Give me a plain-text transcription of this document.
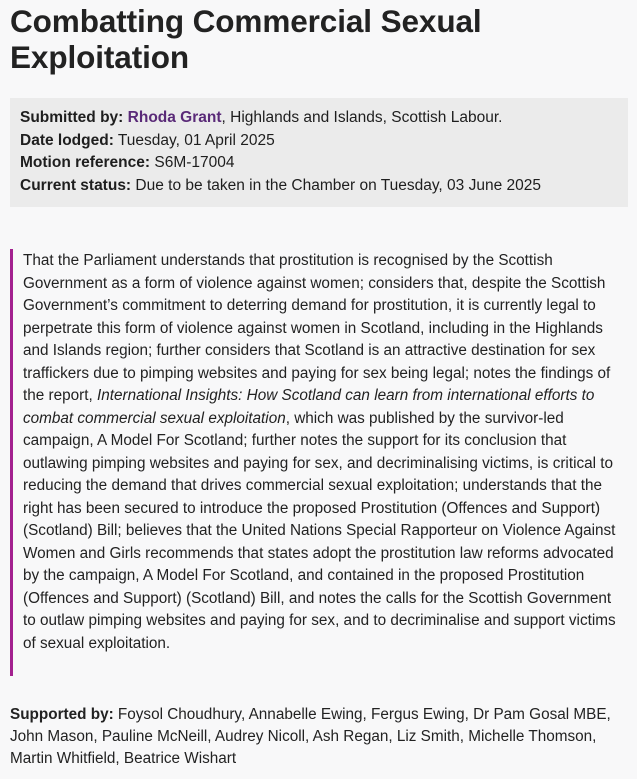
Combatting Commercial Sexual Exploitation
Submitted by: Rhoda Grant, Highlands and Islands, Scottish Labour.
Date lodged: Tuesday, 01 April 2025
Motion reference: S6M-17004
Current status: Due to be taken in the Chamber on Tuesday, 03 June 2025
That the Parliament understands that prostitution is recognised by the Scottish Government as a form of violence against women; considers that, despite the Scottish Government’s commitment to deterring demand for prostitution, it is currently legal to perpetrate this form of violence against women in Scotland, including in the Highlands and Islands region; further considers that Scotland is an attractive destination for sex traffickers due to pimping websites and paying for sex being legal; notes the findings of the report, International Insights: How Scotland can learn from international efforts to combat commercial sexual exploitation, which was published by the survivor-led campaign, A Model For Scotland; further notes the support for its conclusion that outlawing pimping websites and paying for sex, and decriminalising victims, is critical to reducing the demand that drives commercial sexual exploitation; understands that the right has been secured to introduce the proposed Prostitution (Offences and Support) (Scotland) Bill; believes that the United Nations Special Rapporteur on Violence Against Women and Girls recommends that states adopt the prostitution law reforms advocated by the campaign, A Model For Scotland, and contained in the proposed Prostitution (Offences and Support) (Scotland) Bill, and notes the calls for the Scottish Government to outlaw pimping websites and paying for sex, and to decriminalise and support victims of sexual exploitation.
Supported by: Foysol Choudhury, Annabelle Ewing, Fergus Ewing, Dr Pam Gosal MBE, John Mason, Pauline McNeill, Audrey Nicoll, Ash Regan, Liz Smith, Michelle Thomson, Martin Whitfield, Beatrice Wishart
